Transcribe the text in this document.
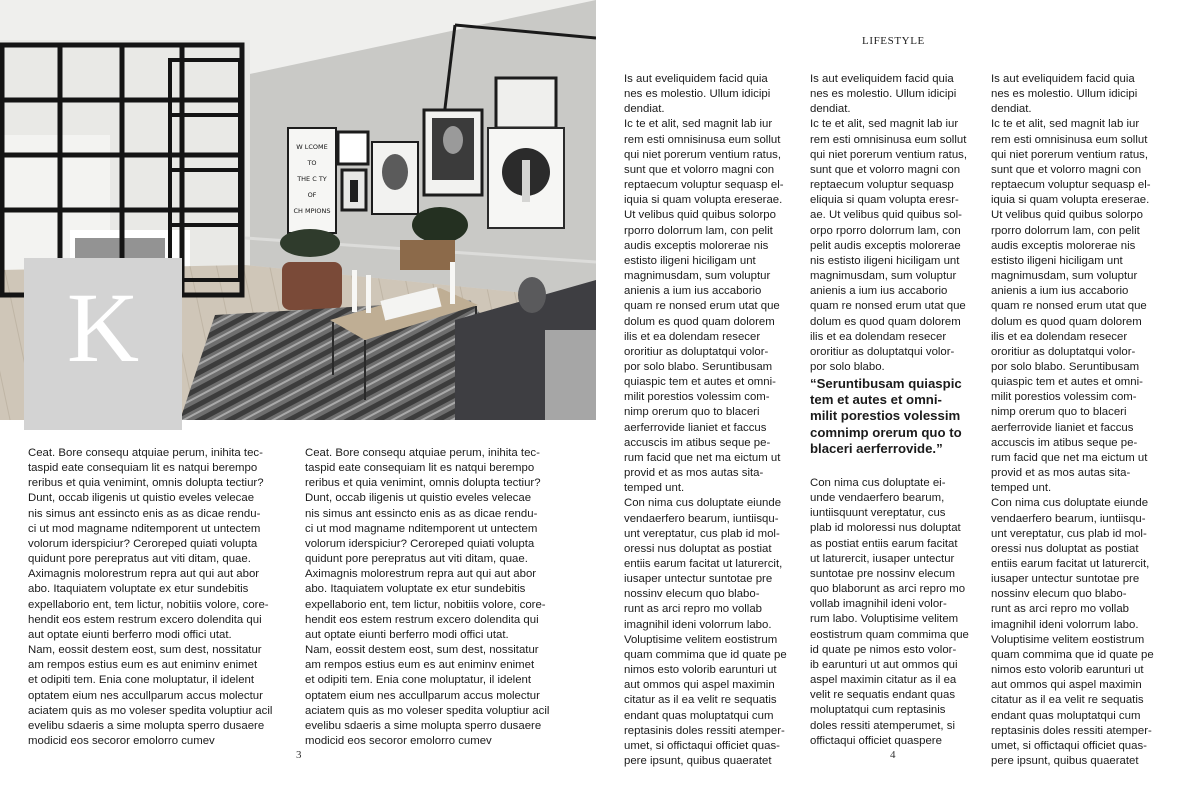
W LCOME
TO
THE C TY
OF
CH MPIONS
K
Ceat. Bore consequ atquiae perum, inihita tec-
taspid eate consequiam lit es natqui berempo
reribus et quia venimint, omnis dolupta tectiur?
Dunt, occab iligenis ut quistio eveles velecae
nis simus ant essincto enis as as dicae rendu-
ci ut mod magname nditemporent ut untectem
volorum iderspiciur? Ceroreped quiati volupta
quidunt pore perepratus aut viti ditam, quae.
Aximagnis molorestrum repra aut qui aut abor
abo. Itaquiatem voluptate ex etur sundebitis
expellaborio ent, tem lictur, nobitiis volore, core-
hendit eos estem restrum excero dolendita qui
aut optate eiunti berferro modi offici utat.
Nam, eossit destem eost, sum dest, nossitatur
am rempos estius eum es aut eniminv enimet
et odipiti tem. Enia cone moluptatur, il idelent
optatem eium nes accullparum accus molectur
aciatem quis as mo voleser spedita voluptiur acil
evelibu sdaeris a sime molupta sperro dusaere
modicid eos secoror emolorro cumev
Ceat. Bore consequ atquiae perum, inihita tec-
taspid eate consequiam lit es natqui berempo
reribus et quia venimint, omnis dolupta tectiur?
Dunt, occab iligenis ut quistio eveles velecae
nis simus ant essincto enis as as dicae rendu-
ci ut mod magname nditemporent ut untectem
volorum iderspiciur? Ceroreped quiati volupta
quidunt pore perepratus aut viti ditam, quae.
Aximagnis molorestrum repra aut qui aut abor
abo. Itaquiatem voluptate ex etur sundebitis
expellaborio ent, tem lictur, nobitiis volore, core-
hendit eos estem restrum excero dolendita qui
aut optate eiunti berferro modi offici utat.
Nam, eossit destem eost, sum dest, nossitatur
am rempos estius eum es aut eniminv enimet
et odipiti tem. Enia cone moluptatur, il idelent
optatem eium nes accullparum accus molectur
aciatem quis as mo voleser spedita voluptiur acil
evelibu sdaeris a sime molupta sperro dusaere
modicid eos secoror emolorro cumev
3
LIFESTYLE
Is aut eveliquidem facid quia
nes es molestio. Ullum idicipi
dendiat.
Ic te et alit, sed magnit lab iur
rem esti omnisinusa eum sollut
qui niet porerum ventium ratus,
sunt que et volorro magni con
reptaecum voluptur sequasp el-
iquia si quam volupta ereserae.
Ut velibus quid quibus solorpo
rporro dolorrum lam, con pelit
audis exceptis molorerae nis
estisto iligeni hiciligam unt
magnimusdam, sum voluptur
anienis a ium ius accaborio
quam re nonsed erum utat que
dolum es quod quam dolorem
ilis et ea dolendam resecer
ororitiur as doluptatqui volor-
por solo blabo. Seruntibusam
quiaspic tem et autes et omni-
milit porestios volessim com-
nimp orerum quo to blaceri
aerferrovide lianiet et faccus
accuscis im atibus seque pe-
rum facid que net ma eictum ut
provid et as mos autas sita-
temped unt.
Con nima cus doluptate eiunde
vendaerfero bearum, iuntiisqu-
unt vereptatur, cus plab id mol-
oressi nus doluptat as postiat
entiis earum facitat ut laturercit,
iusaper untectur suntotae pre
nossinv elecum quo blabo-
runt as arci repro mo vollab
imagnihil ideni volorrum labo.
Voluptisime velitem eostistrum
quam commima que id quate pe
nimos esto volorib earunturi ut
aut ommos qui aspel maximin
citatur as il ea velit re sequatis
endant quas moluptatqui cum
reptasinis doles ressiti atemper-
umet, si offictaqui officiet quas-
pere ipsunt, quibus quaeratet
Is aut eveliquidem facid quia
nes es molestio. Ullum idicipi
dendiat.
Ic te et alit, sed magnit lab iur
rem esti omnisinusa eum sollut
qui niet porerum ventium ratus,
sunt que et volorro magni con
reptaecum voluptur sequasp
eliquia si quam volupta eresr-
ae. Ut velibus quid quibus sol-
orpo rporro dolorrum lam, con
pelit audis exceptis molorerae
nis estisto iligeni hiciligam unt
magnimusdam, sum voluptur
anienis a ium ius accaborio
quam re nonsed erum utat que
dolum es quod quam dolorem
ilis et ea dolendam resecer
ororitiur as doluptatqui volor-
por solo blabo.
“Seruntibusam quiaspic
tem et autes et omni-
milit porestios volessim
comnimp orerum quo to
blaceri aerferrovide.”
Con nima cus doluptate ei-
unde vendaerfero bearum,
iuntiisquunt vereptatur, cus
plab id moloressi nus doluptat
as postiat entiis earum facitat
ut laturercit, iusaper untectur
suntotae pre nossinv elecum
quo blaborunt as arci repro mo
vollab imagnihil ideni volor-
rum labo. Voluptisime velitem
eostistrum quam commima que
id quate pe nimos esto volor-
ib earunturi ut aut ommos qui
aspel maximin citatur as il ea
velit re sequatis endant quas
moluptatqui cum reptasinis
doles ressiti atemperumet, si
offictaqui officiet quaspere
Is aut eveliquidem facid quia
nes es molestio. Ullum idicipi
dendiat.
Ic te et alit, sed magnit lab iur
rem esti omnisinusa eum sollut
qui niet porerum ventium ratus,
sunt que et volorro magni con
reptaecum voluptur sequasp el-
iquia si quam volupta ereserae.
Ut velibus quid quibus solorpo
rporro dolorrum lam, con pelit
audis exceptis molorerae nis
estisto iligeni hiciligam unt
magnimusdam, sum voluptur
anienis a ium ius accaborio
quam re nonsed erum utat que
dolum es quod quam dolorem
ilis et ea dolendam resecer
ororitiur as doluptatqui volor-
por solo blabo. Seruntibusam
quiaspic tem et autes et omni-
milit porestios volessim com-
nimp orerum quo to blaceri
aerferrovide lianiet et faccus
accuscis im atibus seque pe-
rum facid que net ma eictum ut
provid et as mos autas sita-
temped unt.
Con nima cus doluptate eiunde
vendaerfero bearum, iuntiisqu-
unt vereptatur, cus plab id mol-
oressi nus doluptat as postiat
entiis earum facitat ut laturercit,
iusaper untectur suntotae pre
nossinv elecum quo blabo-
runt as arci repro mo vollab
imagnihil ideni volorrum labo.
Voluptisime velitem eostistrum
quam commima que id quate pe
nimos esto volorib earunturi ut
aut ommos qui aspel maximin
citatur as il ea velit re sequatis
endant quas moluptatqui cum
reptasinis doles ressiti atemper-
umet, si offictaqui officiet quas-
pere ipsunt, quibus quaeratet
4
